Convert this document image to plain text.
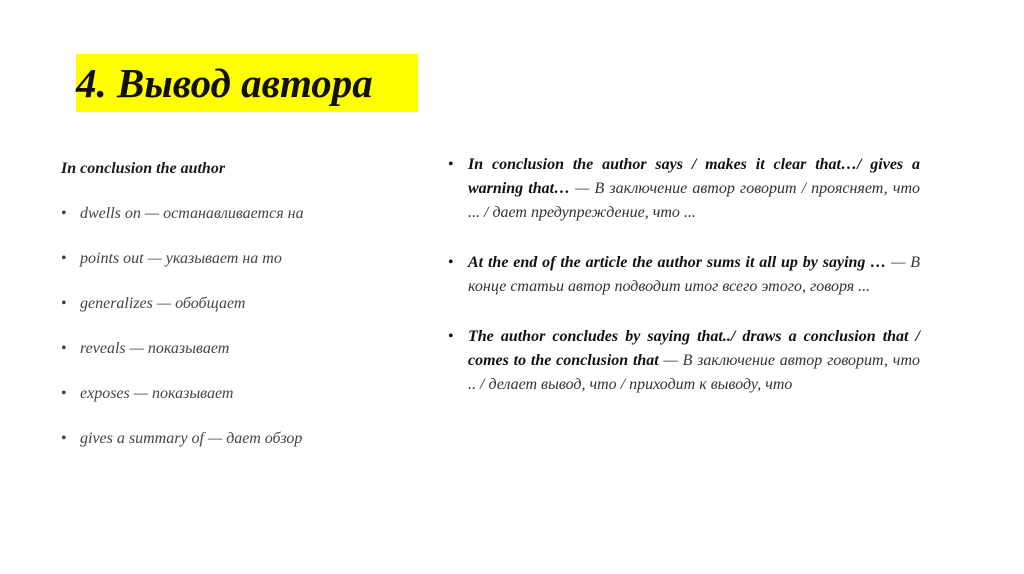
4. Вывод автора
In conclusion the author
• dwells on — останавливается на
• points out — указывает на то
• generalizes — обобщает
• reveals — показывает
• exposes — показывает
• gives a summary of — дает обзор
• In conclusion the author says / makes it clear that…/ gives a warning that… — В заключение автор говорит / проясняет, что ... / дает предупреждение, что ...
• At the end of the article the author sums it all up by saying … — В конце статьи автор подводит итог всего этого, говоря ...
• The author concludes by saying that../ draws a conclusion that / comes to the conclusion that — В заключение автор говорит, что .. / делает вывод, что / приходит к выводу, что
